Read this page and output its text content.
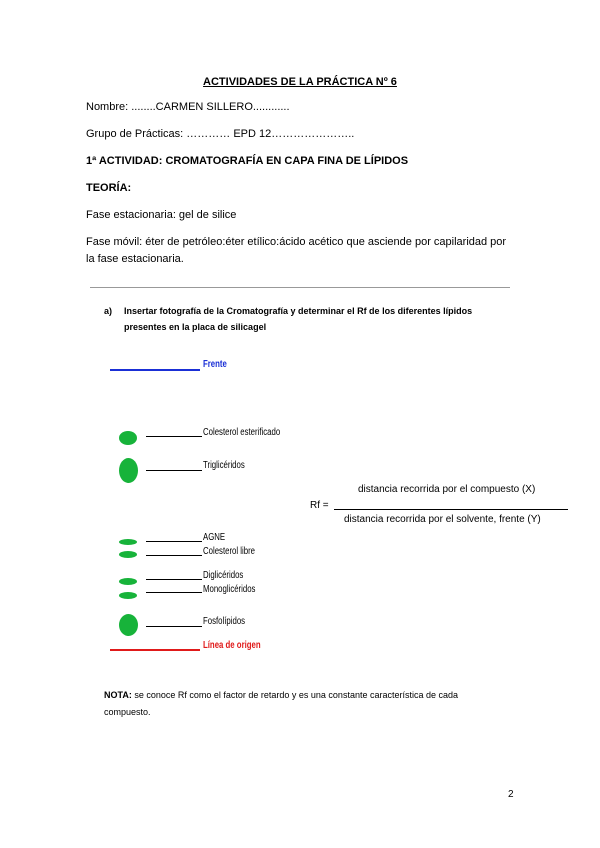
ACTIVIDADES DE LA PRÁCTICA Nº 6
Nombre: ........CARMEN SILLERO............
Grupo de Prácticas: ………… EPD 12…………………..
1ª ACTIVIDAD: CROMATOGRAFÍA EN CAPA FINA DE LÍPIDOS
TEORÍA:
Fase estacionaria: gel de silice
Fase móvil: éter de petróleo:éter etílico:ácido acético que asciende por capilaridad por
la fase estacionaria.
a) Insertar fotografía de la Cromatografía y determinar el Rf de los diferentes lípidos
presentes en la placa de silicagel
Frente
Colesterol esterificado
Triglicéridos
AGNE
Colesterol libre
Diglicéridos
Monoglicéridos
Fosfolípidos
Línea de origen
Rf =
distancia recorrida por el compuesto (X)
distancia recorrida por el solvente, frente (Y)
NOTA: se conoce Rf como el factor de retardo y es una constante característica de cada
compuesto.
2
